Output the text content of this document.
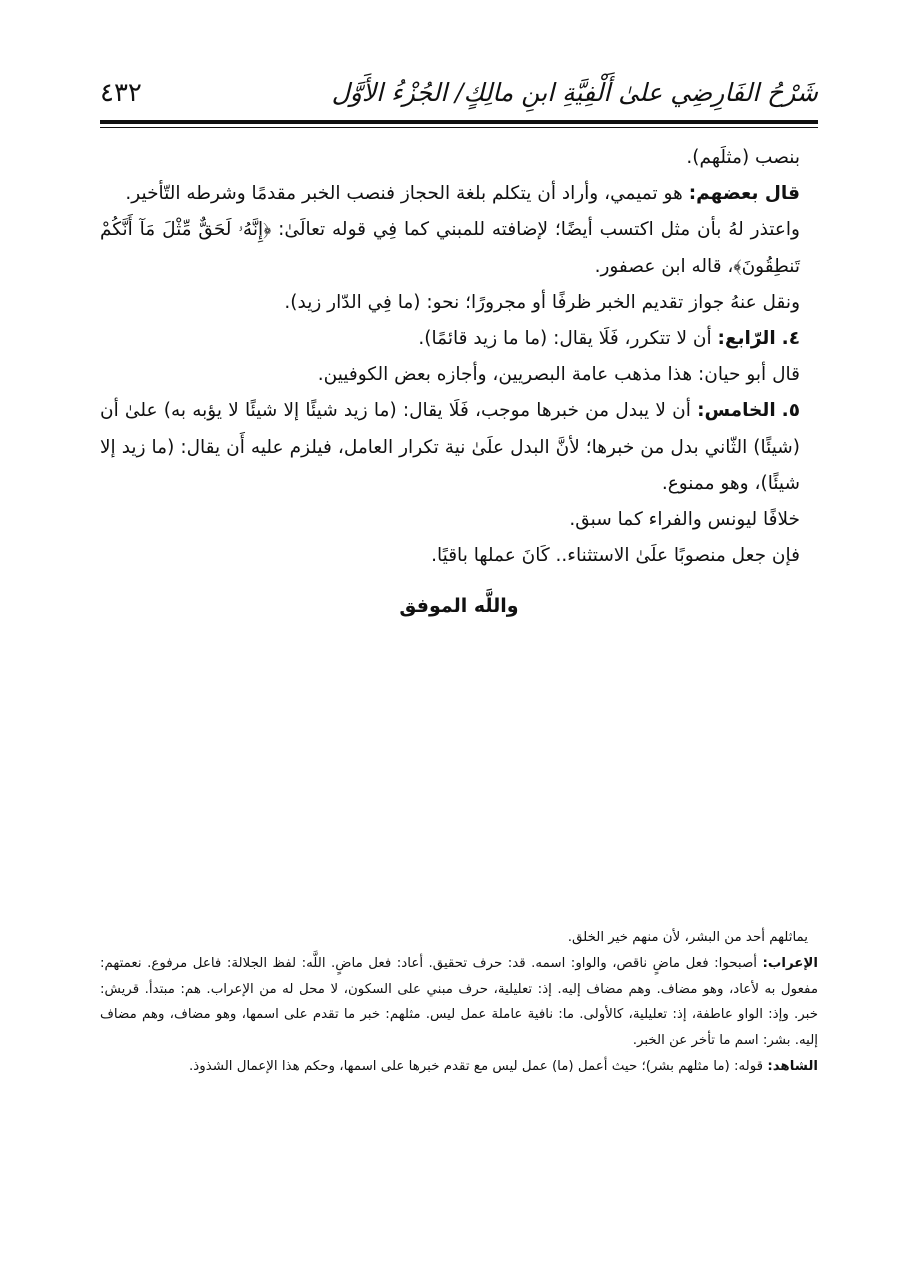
شَرْحُ الفَارِضِي علىٰ أَلْفِيَّةِ ابنِ مالِكٍ/ الجُزْءُ الأَوَّل
٤٣٢

بنصب (مثلَهم).

قال بعضهم: هو تميمي، وأراد أن يتكلم بلغة الحجاز فنصب الخبر مقدمًا وشرطه التّأخير.

واعتذر لهُ بأن مثل اكتسب أيضًا؛ لإضافته للمبني كما فِي قوله تعالَىٰ: ﴿إِنَّهُۥ لَحَقٌّ مِّثْلَ مَآ أَنَّكُمْ تَنطِقُونَ﴾، قاله ابن عصفور.

ونقل عنهُ جواز تقديم الخبر ظرفًا أو مجرورًا؛ نحو: (ما فِي الدّار زيد).

٤.الرّابع: أن لا تتكرر، فَلَا يقال: (ما ما زيد قائمًا).

قال أبو حيان: هذا مذهب عامة البصريين، وأجازه بعض الكوفيين.

٥.الخامس: أن لا يبدل من خبرها موجب، فَلَا يقال: (ما زيد شيئًا إلا شيئًا لا يؤبه به) علىٰ أن (شيئًا) الثّاني بدل من خبرها؛ لأنَّ البدل علَىٰ نية تكرار العامل، فيلزم عليه أَن يقال: (ما زيد إلا شيئًا)، وهو ممنوع.

خلافًا ليونس والفراء كما سبق.

فإن جعل منصوبًا علَىٰ الاستثناء.. كَانَ عملها باقيًا.

واللَّه الموفق

يماثلهم أحد من البشر، لأن منهم خير الخلق.

الإعراب: أصبحوا: فعل ماضٍ ناقص، والواو: اسمه. قد: حرف تحقيق. أعاد: فعل ماضٍ. اللَّه: لفظ الجلالة: فاعل مرفوع. نعمتهم: مفعول به لأعاد، وهو مضاف. وهم مضاف إليه. إذ: تعليلية، حرف مبني على السكون، لا محل له من الإعراب. هم: مبتدأ. قريش: خبر. وإذ: الواو عاطفة، إذ: تعليلية، كالأولى. ما: نافية عاملة عمل ليس. مثلهم: خبر ما تقدم على اسمها، وهو مضاف، وهم مضاف إليه. بشر: اسم ما تأخر عن الخبر.

الشاهد: قوله: (ما مثلهم بشر)؛ حيث أعمل (ما) عمل ليس مع تقدم خبرها على اسمها، وحكم هذا الإعمال الشذوذ.
